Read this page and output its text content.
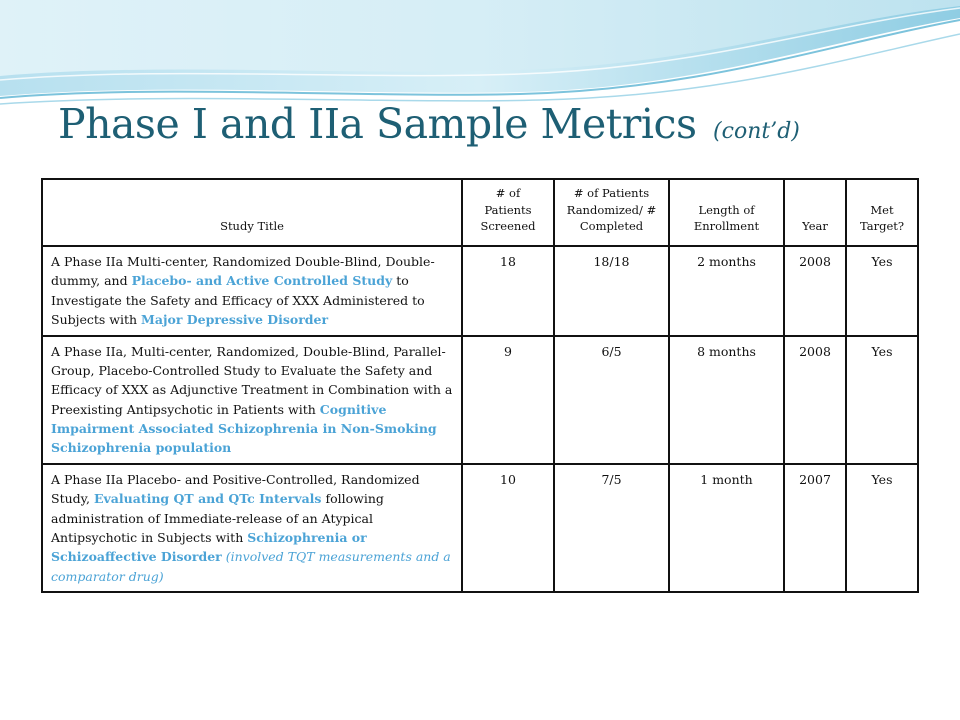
Phase I and IIa Sample Metrics (cont’d)
Study Title	# of Patients Screened	# of Patients Randomized/ # Completed	Length of Enrollment	Year	Met Target?
A Phase IIa Multi-center, Randomized Double-Blind, Double-dummy, and Placebo- and Active Controlled Study to Investigate the Safety and Efficacy of XXX Administered to Subjects with Major Depressive Disorder	18	18/18	2 months	2008	Yes
A Phase IIa, Multi-center, Randomized, Double-Blind, Parallel-Group, Placebo-Controlled Study to Evaluate the Safety and Efficacy of XXX as Adjunctive Treatment in Combination with a Preexisting Antipsychotic in Patients with Cognitive Impairment Associated Schizophrenia in Non-Smoking Schizophrenia population	9	6/5	8 months	2008	Yes
A Phase IIa Placebo- and Positive-Controlled, Randomized Study, Evaluating QT and QTc Intervals following administration of Immediate-release of an Atypical Antipsychotic in Subjects with Schizophrenia or Schizoaffective Disorder (involved TQT measurements and a comparator drug)	10	7/5	1 month	2007	Yes
